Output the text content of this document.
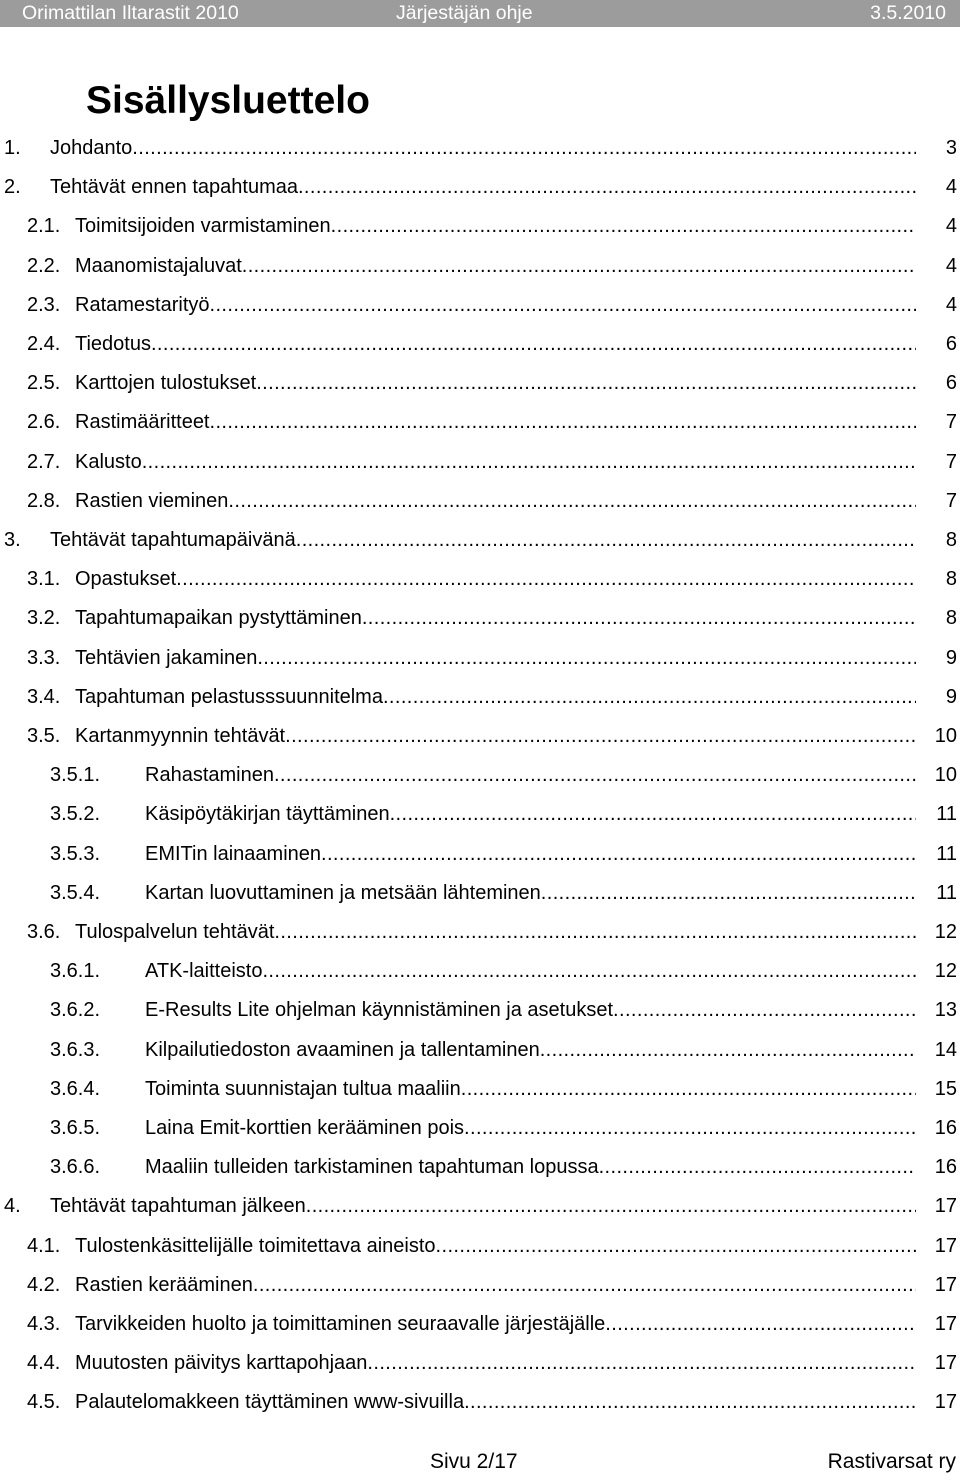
Orimattilan Iltarastit 2010	Järjestäjän ohje	3.5.2010
Sisällysluettelo
1. Johdanto .....	3
2. Tehtävät ennen tapahtumaa .....	4
2.1. Toimitsijoiden varmistaminen .....	4
2.2. Maanomistajaluvat .....	4
2.3. Ratamestarityö .....	4
2.4. Tiedotus .....	6
2.5. Karttojen tulostukset .....	6
2.6. Rastimääritteet .....	7
2.7. Kalusto .....	7
2.8. Rastien vieminen .....	7
3. Tehtävät tapahtumapäivänä .....	8
3.1. Opastukset .....	8
3.2. Tapahtumapaikan pystyttäminen .....	8
3.3. Tehtävien jakaminen .....	9
3.4. Tapahtuman pelastusssuunnitelma .....	9
3.5. Kartanmyynnin tehtävät .....	10
3.5.1. Rahastaminen .....	10
3.5.2. Käsipöytäkirjan täyttäminen .....	11
3.5.3. EMITin lainaaminen .....	11
3.5.4. Kartan luovuttaminen ja metsään lähteminen .....	11
3.6. Tulospalvelun tehtävät .....	12
3.6.1. ATK-laitteisto .....	12
3.6.2. E-Results Lite ohjelman käynnistäminen ja asetukset .....	13
3.6.3. Kilpailutiedoston avaaminen ja tallentaminen .....	14
3.6.4. Toiminta suunnistajan tultua maaliin .....	15
3.6.5. Laina Emit-korttien kerääminen pois .....	16
3.6.6. Maaliin tulleiden tarkistaminen tapahtuman lopussa .....	16
4. Tehtävät tapahtuman jälkeen .....	17
4.1. Tulostenkäsittelijälle toimitettava aineisto .....	17
4.2. Rastien kerääminen .....	17
4.3. Tarvikkeiden huolto ja toimittaminen seuraavalle järjestäjälle .....	17
4.4. Muutosten päivitys karttapohjaan .....	17
4.5. Palautelomakkeen täyttäminen www-sivuilla .....	17
Sivu 2/17	Rastivarsat ry
